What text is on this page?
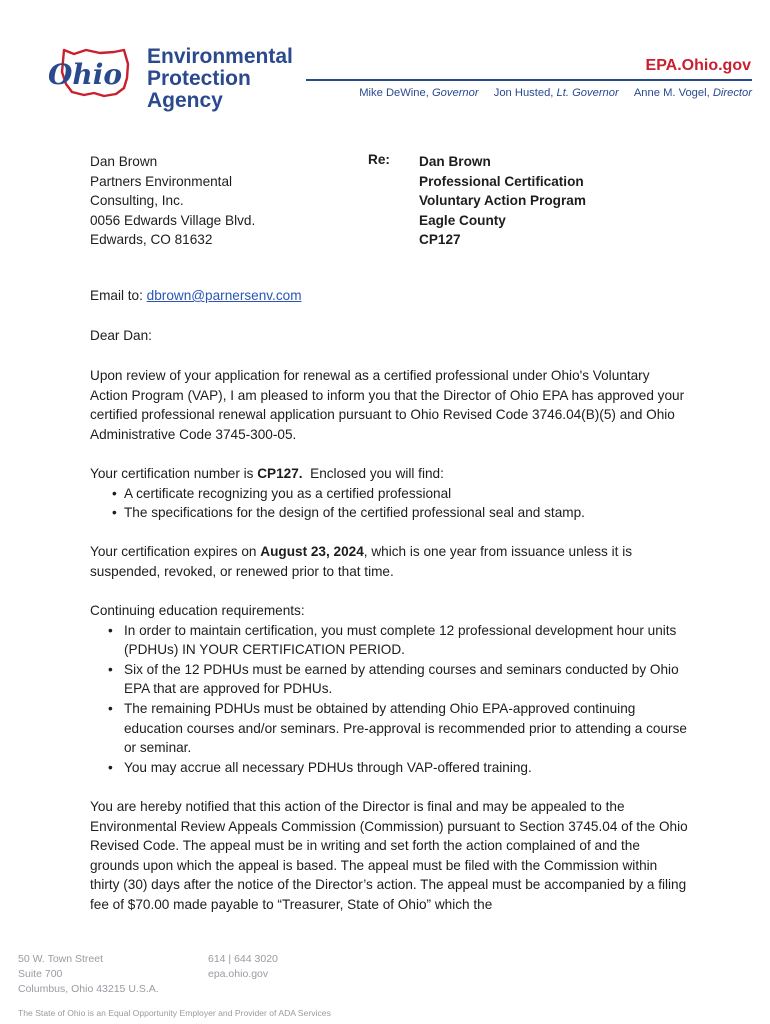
Ohio
Environmental
Protection
Agency
EPA.Ohio.gov
Mike DeWine, Governor Jon Husted, Lt. Governor Anne M. Vogel, Director
Dan Brown
Partners Environmental
Consulting, Inc.
0056 Edwards Village Blvd.
Edwards, CO 81632
Re: Dan Brown
Professional Certification
Voluntary Action Program
Eagle County
CP127
Email to: dbrown@parnersenv.com
Dear Dan:
Upon review of your application for renewal as a certified professional under Ohio's Voluntary Action Program (VAP), I am pleased to inform you that the Director of Ohio EPA has approved your certified professional renewal application pursuant to Ohio Revised Code 3746.04(B)(5) and Ohio Administrative Code 3745-300-05.
Your certification number is CP127.  Enclosed you will find:
• A certificate recognizing you as a certified professional
• The specifications for the design of the certified professional seal and stamp.
Your certification expires on August 23, 2024, which is one year from issuance unless it is suspended, revoked, or renewed prior to that time.
Continuing education requirements:
• In order to maintain certification, you must complete 12 professional development hour units (PDHUs) IN YOUR CERTIFICATION PERIOD.
• Six of the 12 PDHUs must be earned by attending courses and seminars conducted by Ohio EPA that are approved for PDHUs.
• The remaining PDHUs must be obtained by attending Ohio EPA-approved continuing education courses and/or seminars. Pre-approval is recommended prior to attending a course or seminar.
• You may accrue all necessary PDHUs through VAP-offered training.
You are hereby notified that this action of the Director is final and may be appealed to the Environmental Review Appeals Commission (Commission) pursuant to Section 3745.04 of the Ohio Revised Code. The appeal must be in writing and set forth the action complained of and the grounds upon which the appeal is based. The appeal must be filed with the Commission within thirty (30) days after the notice of the Director’s action. The appeal must be accompanied by a filing fee of $70.00 made payable to “Treasurer, State of Ohio” which the
50 W. Town Street
Suite 700
Columbus, Ohio 43215 U.S.A.
614 | 644 3020
epa.ohio.gov
The State of Ohio is an Equal Opportunity Employer and Provider of ADA Services
